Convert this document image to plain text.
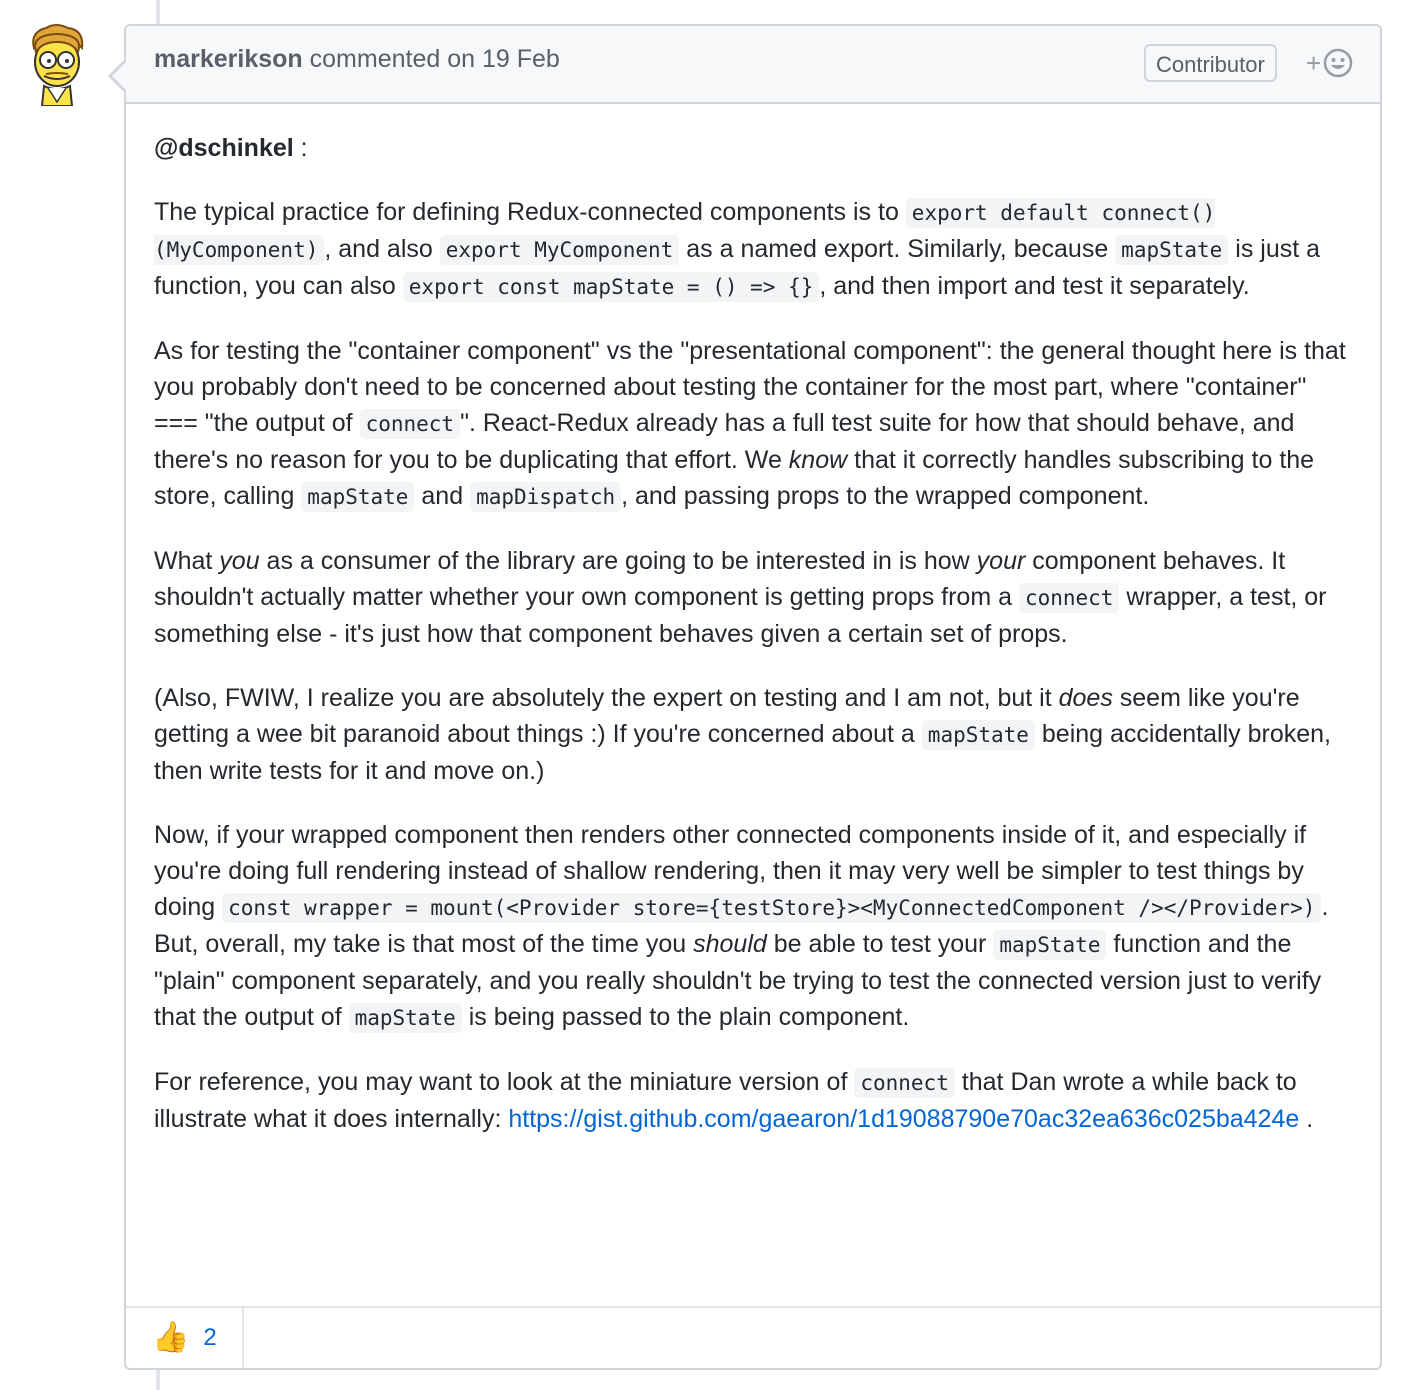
markerikson commented on 19 Feb	Contributor	+

@dschinkel :

The typical practice for defining Redux-connected components is to export default connect()(MyComponent) , and also export MyComponent as a named export. Similarly, because mapState is just a function, you can also export const mapState = () => {} , and then import and test it separately.

As for testing the "container component" vs the "presentational component": the general thought here is that you probably don't need to be concerned about testing the container for the most part, where "container" === "the output of connect ". React-Redux already has a full test suite for how that should behave, and there's no reason for you to be duplicating that effort. We know that it correctly handles subscribing to the store, calling mapState and mapDispatch , and passing props to the wrapped component.

What you as a consumer of the library are going to be interested in is how your component behaves. It shouldn't actually matter whether your own component is getting props from a connect wrapper, a test, or something else - it's just how that component behaves given a certain set of props.

(Also, FWIW, I realize you are absolutely the expert on testing and I am not, but it does seem like you're getting a wee bit paranoid about things :) If you're concerned about a mapState being accidentally broken, then write tests for it and move on.)

Now, if your wrapped component then renders other connected components inside of it, and especially if you're doing full rendering instead of shallow rendering, then it may very well be simpler to test things by doing const wrapper = mount(<Provider store={testStore}><MyConnectedComponent /></Provider>) . But, overall, my take is that most of the time you should be able to test your mapState function and the "plain" component separately, and you really shouldn't be trying to test the connected version just to verify that the output of mapState is being passed to the plain component.

For reference, you may want to look at the miniature version of connect that Dan wrote a while back to illustrate what it does internally: https://gist.github.com/gaearon/1d19088790e70ac32ea636c025ba424e .

👍 2
